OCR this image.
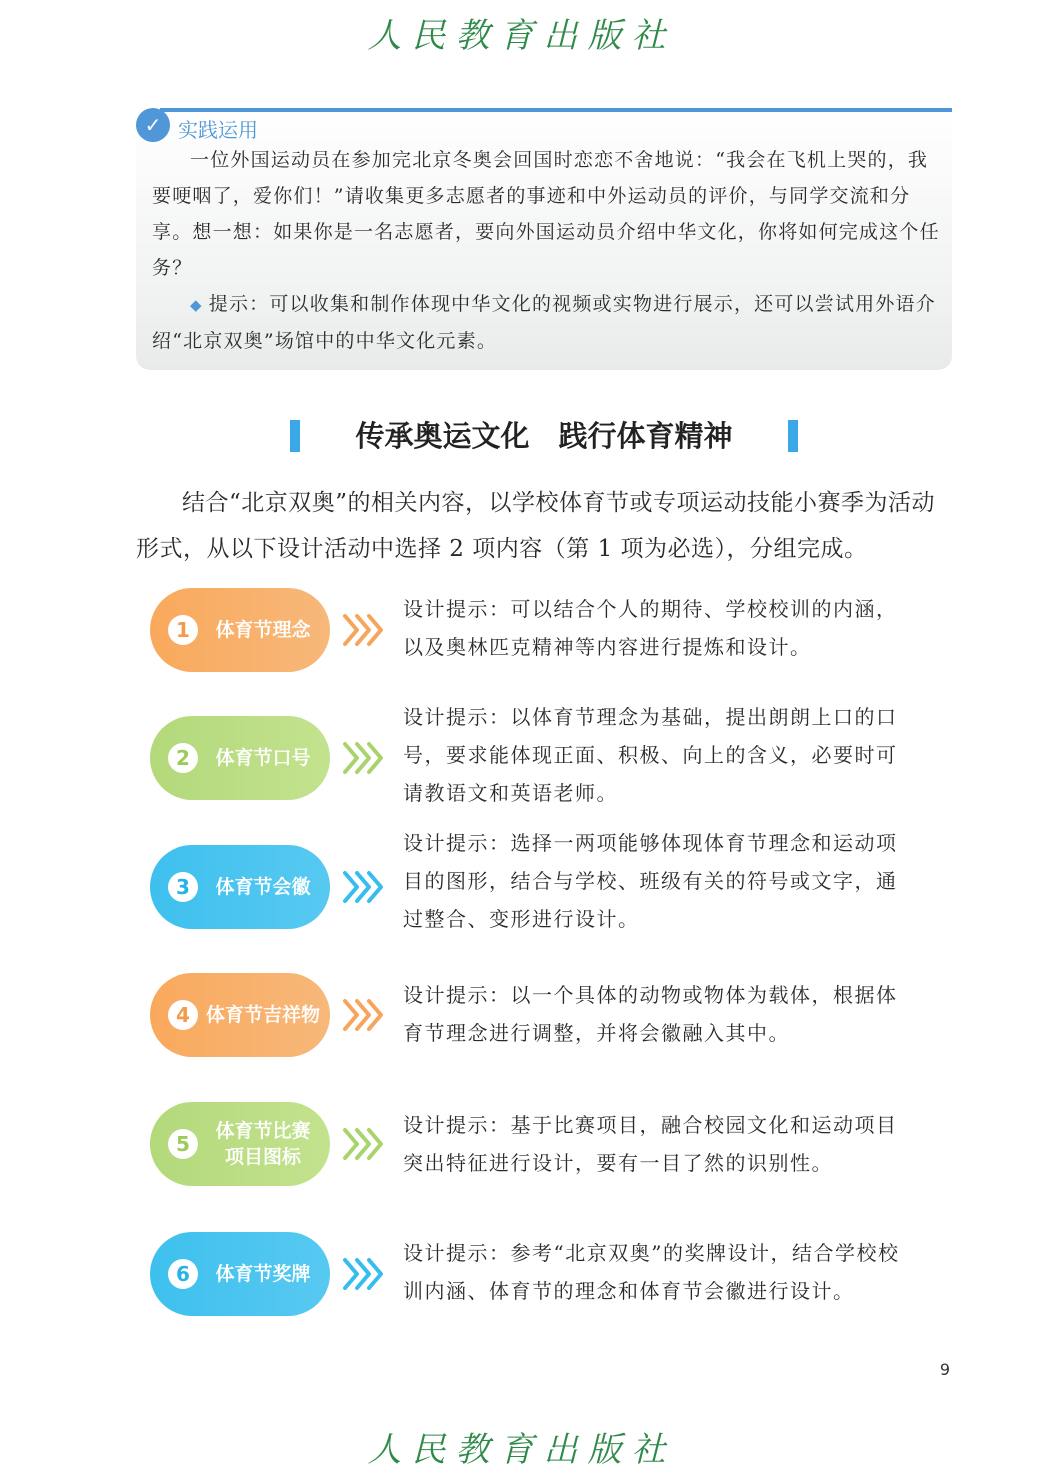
人民教育出版社
✓ 实践运用

一位外国运动员在参加完北京冬奥会回国时恋恋不舍地说：“我会在飞机上哭的，我要哽咽了，爱你们！”请收集更多志愿者的事迹和中外运动员的评价，与同学交流和分享。想一想：如果你是一名志愿者，要向外国运动员介绍中华文化，你将如何完成这个任务？

◆ 提示：可以收集和制作体现中华文化的视频或实物进行展示，还可以尝试用外语介绍“北京双奥”场馆中的中华文化元素。

传承奥运文化　践行体育精神

结合“北京双奥”的相关内容，以学校体育节或专项运动技能小赛季为活动形式，从以下设计活动中选择 2 项内容（第 1 项为必选），分组完成。

1	体育节理念
设计提示：可以结合个人的期待、学校校训的内涵，以及奥林匹克精神等内容进行提炼和设计。
2	体育节口号
设计提示：以体育节理念为基础，提出朗朗上口的口号，要求能体现正面、积极、向上的含义，必要时可请教语文和英语老师。
3	体育节会徽
设计提示：选择一两项能够体现体育节理念和运动项目的图形，结合与学校、班级有关的符号或文字，通过整合、变形进行设计。
4 体育节吉祥物
设计提示：以一个具体的动物或物体为载体，根据体育节理念进行调整，并将会徽融入其中。
5
体育节比赛
项目图标
设计提示：基于比赛项目，融合校园文化和运动项目突出特征进行设计，要有一目了然的识别性。
6	体育节奖牌
设计提示：参考“北京双奥”的奖牌设计，结合学校校训内涵、体育节的理念和体育节会徽进行设计。
9
人民教育出版社
